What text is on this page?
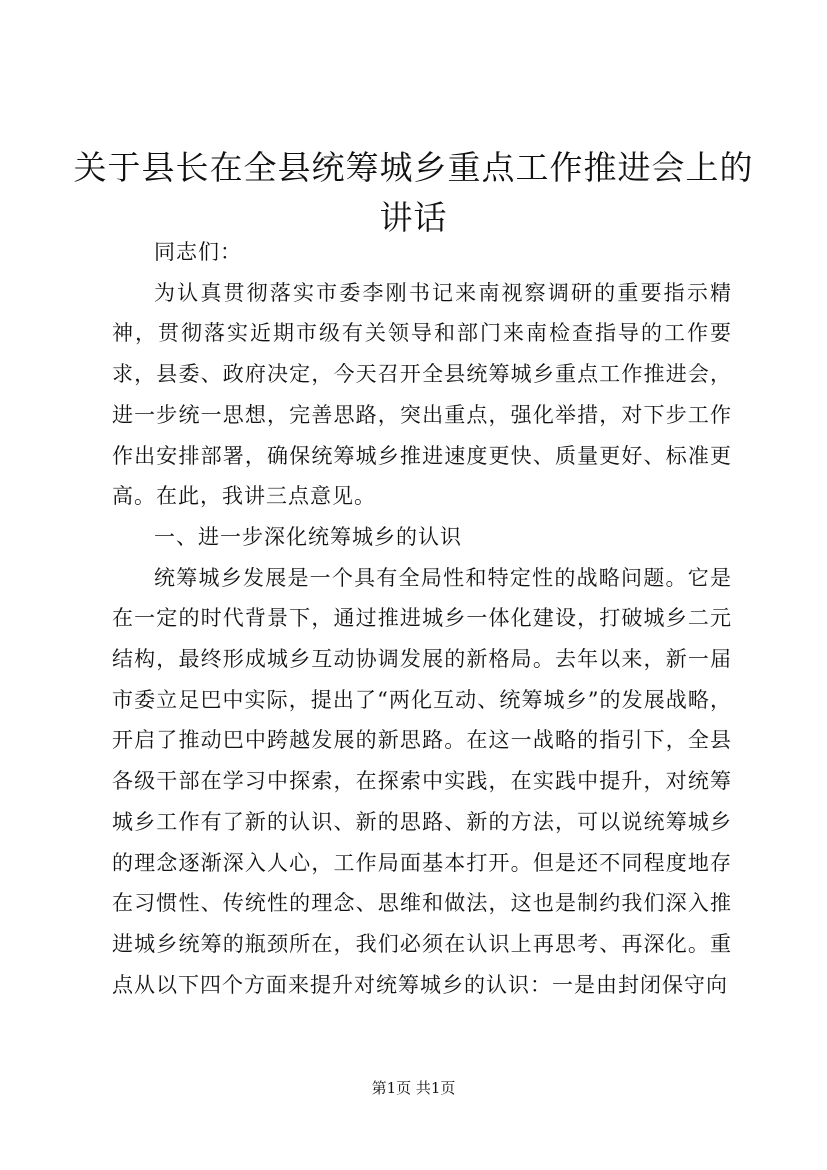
关于县长在全县统筹城乡重点工作推进会上的讲话

同志们：

为认真贯彻落实市委李刚书记来南视察调研的重要指示精神，贯彻落实近期市级有关领导和部门来南检查指导的工作要求，县委、政府决定，今天召开全县统筹城乡重点工作推进会，进一步统一思想，完善思路，突出重点，强化举措，对下步工作作出安排部署，确保统筹城乡推进速度更快、质量更好、标准更高。在此，我讲三点意见。

一、进一步深化统筹城乡的认识

统筹城乡发展是一个具有全局性和特定性的战略问题。它是在一定的时代背景下，通过推进城乡一体化建设，打破城乡二元结构，最终形成城乡互动协调发展的新格局。去年以来，新一届市委立足巴中实际，提出了“两化互动、统筹城乡”的发展战略，开启了推动巴中跨越发展的新思路。在这一战略的指引下，全县各级干部在学习中探索，在探索中实践，在实践中提升，对统筹城乡工作有了新的认识、新的思路、新的方法，可以说统筹城乡的理念逐渐深入人心，工作局面基本打开。但是还不同程度地存在习惯性、传统性的理念、思维和做法，这也是制约我们深入推进城乡统筹的瓶颈所在，我们必须在认识上再思考、再深化。重点从以下四个方面来提升对统筹城乡的认识：一是由封闭保守向

第1页 共1页
